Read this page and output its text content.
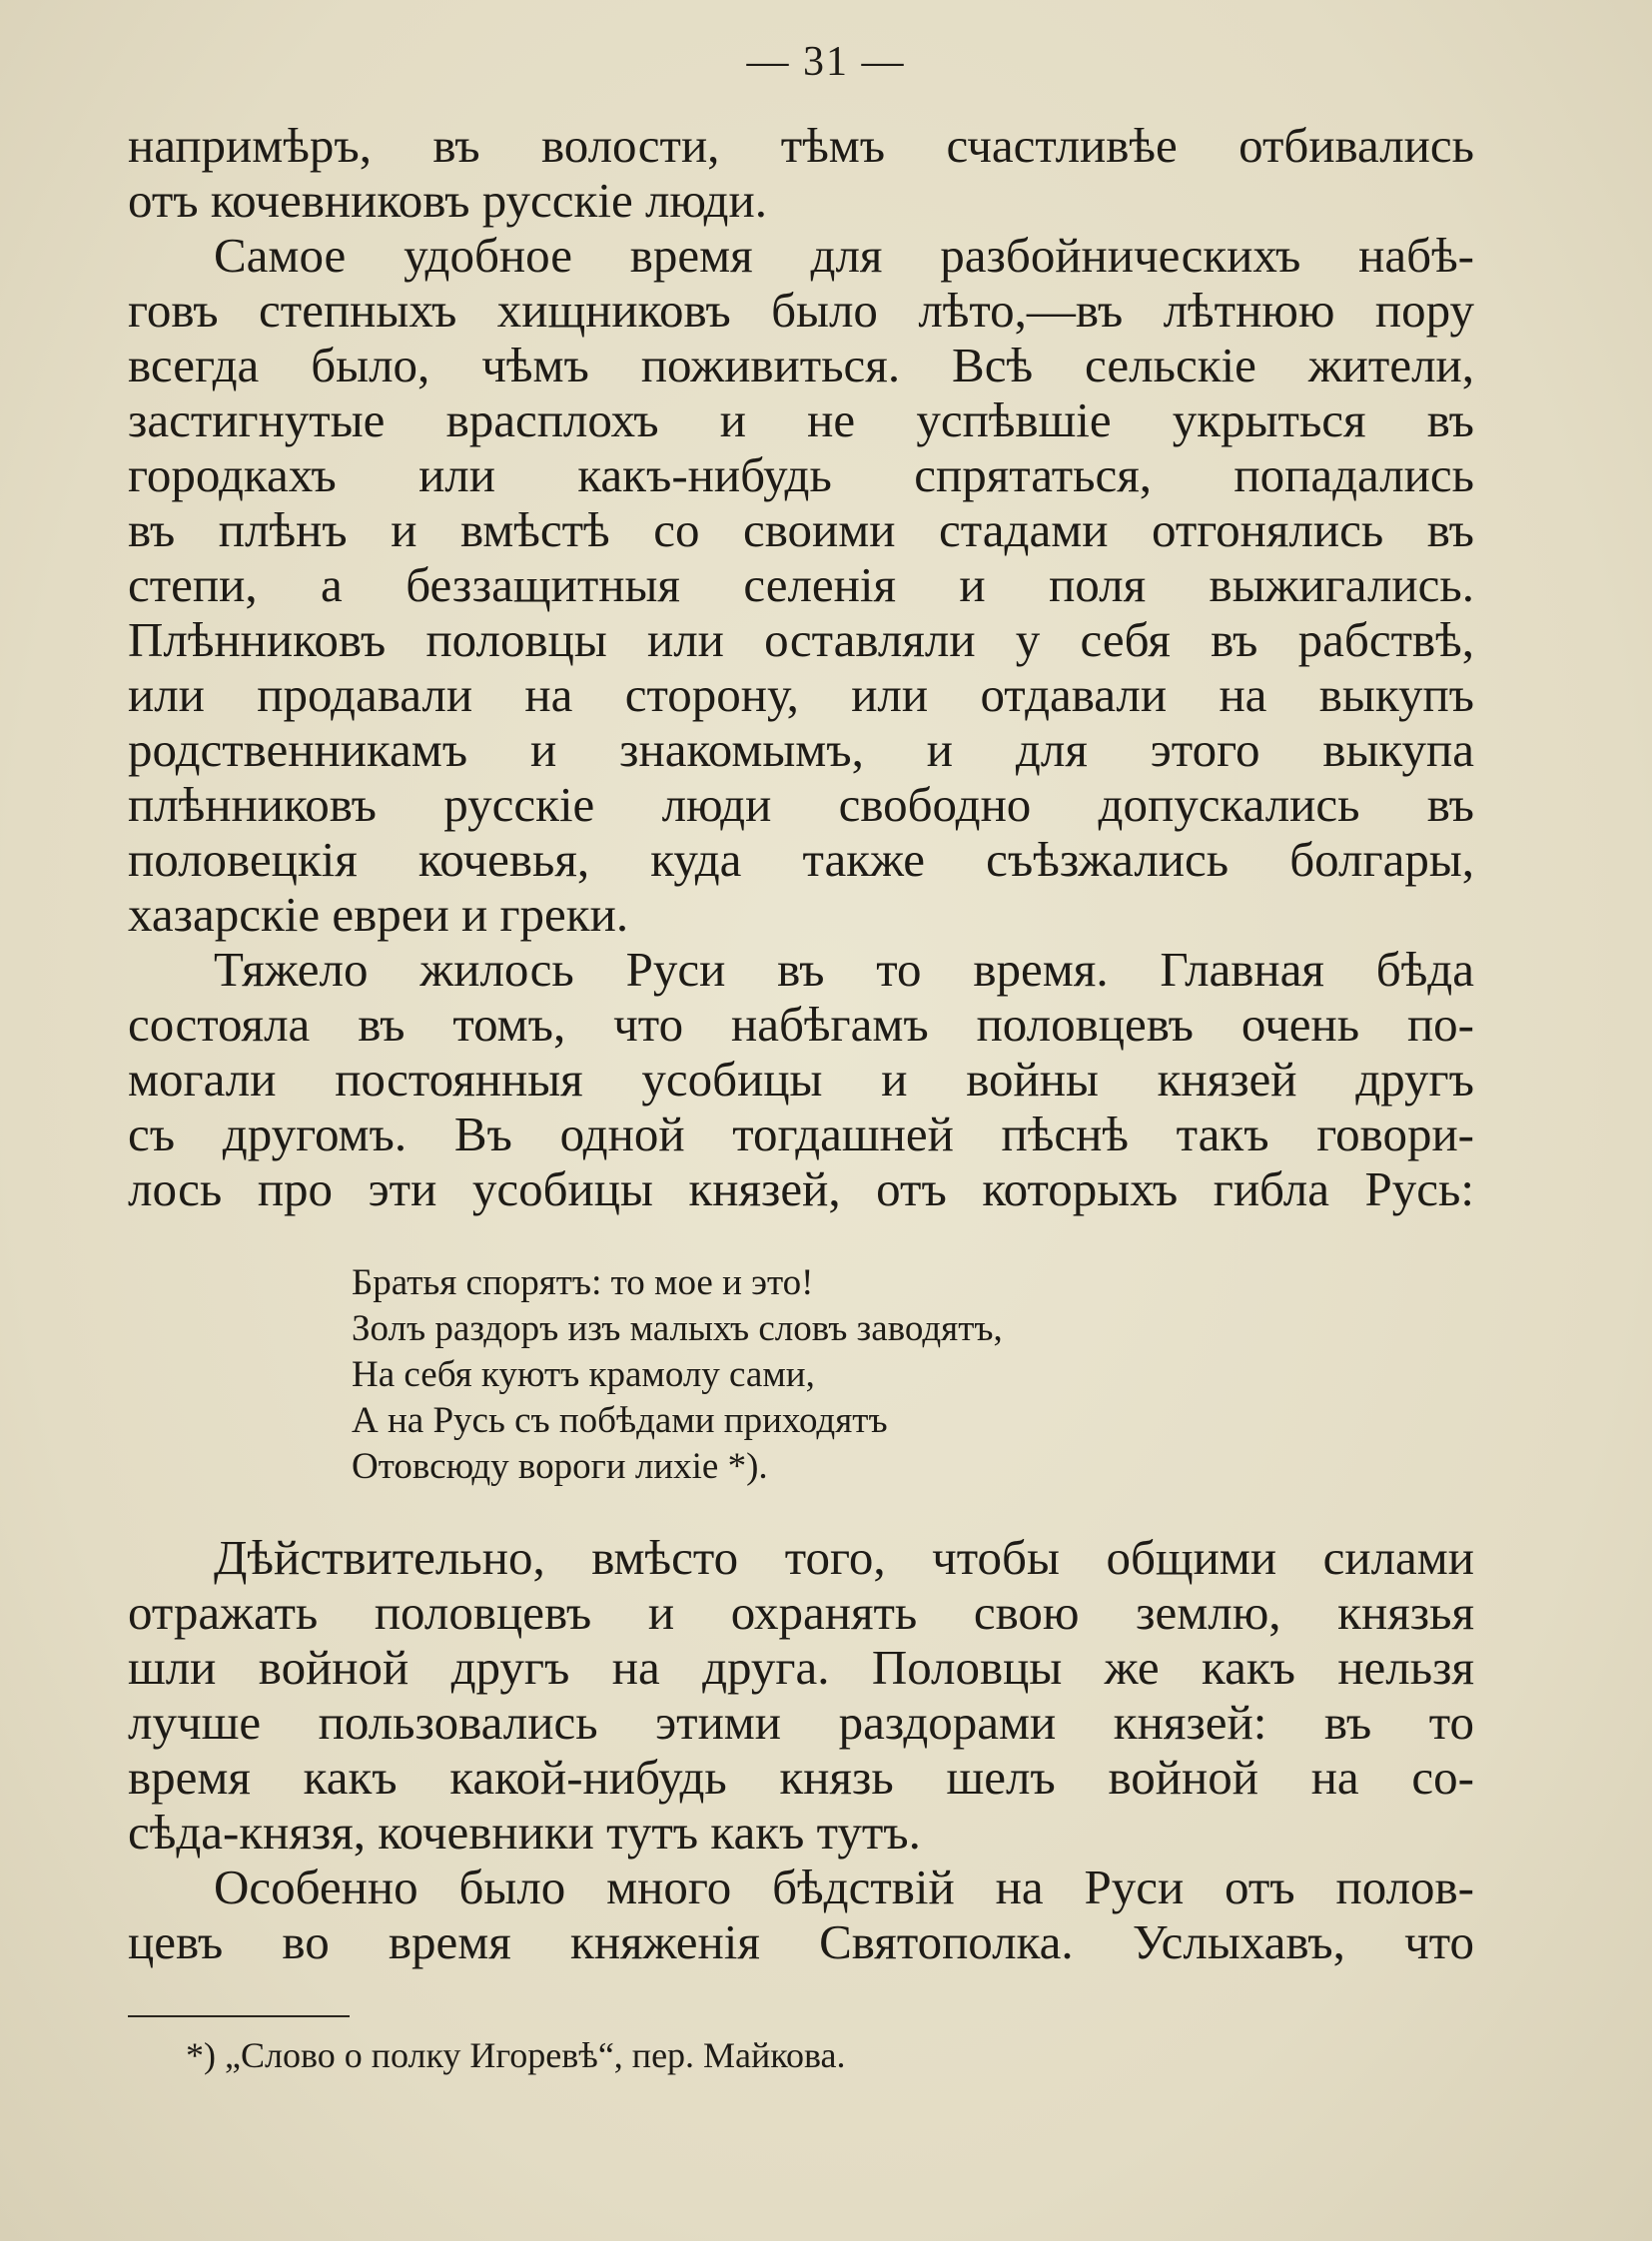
— 31 —
напримѣръ, въ волости, тѣмъ счастливѣе отбивались
отъ кочевниковъ русскіе люди.
Самое удобное время для разбойническихъ набѣ-
говъ степныхъ хищниковъ было лѣто,—въ лѣтнюю пору
всегда было, чѣмъ поживиться. Всѣ сельскіе жители,
застигнутые врасплохъ и не успѣвшіе укрыться въ
городкахъ или какъ-нибудь спрятаться, попадались
въ плѣнъ и вмѣстѣ со своими стадами отгонялись въ
степи, а беззащитныя селенія и поля выжигались.
Плѣнниковъ половцы или оставляли у себя въ рабствѣ,
или продавали на сторону, или отдавали на выкупъ
родственникамъ и знакомымъ, и для этого выкупа
плѣнниковъ русскіе люди свободно допускались въ
половецкія кочевья, куда также съѣзжались болгары,
хазарскіе евреи и греки.
Тяжело жилось Руси въ то время. Главная бѣда
состояла въ томъ, что набѣгамъ половцевъ очень по-
могали постоянныя усобицы и войны князей другъ
съ другомъ. Въ одной тогдашней пѣснѣ такъ говори-
лось про эти усобицы князей, отъ которыхъ гибла Русь:
Братья спорятъ: то мое и это!
Золъ раздоръ изъ малыхъ словъ заводятъ,
На себя куютъ крамолу сами,
А на Русь съ побѣдами приходятъ
Отовсюду вороги лихіе *).
Дѣйствительно, вмѣсто того, чтобы общими силами
отражать половцевъ и охранять свою землю, князья
шли войной другъ на друга. Половцы же какъ нельзя
лучше пользовались этими раздорами князей: въ то
время какъ какой-нибудь князь шелъ войной на со-
сѣда-князя, кочевники тутъ какъ тутъ.
Особенно было много бѣдствій на Руси отъ полов-
цевъ во время княженія Святополка. Услыхавъ, что
*) „Слово о полку Игоревѣ“, пер. Майкова.
